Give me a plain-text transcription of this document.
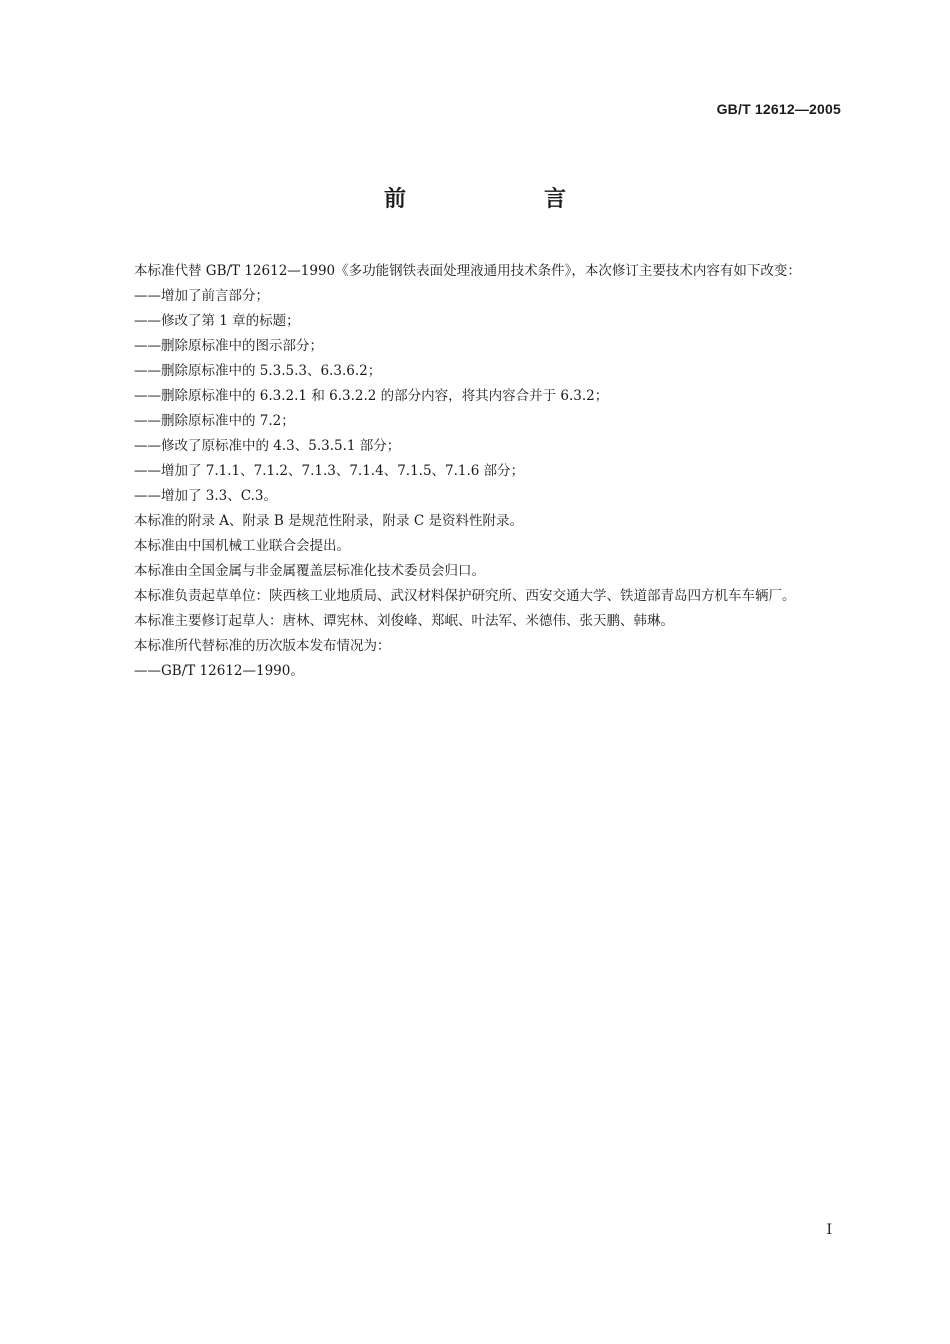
GB/T 12612—2005
前　言

本标准代替 GB/T 12612—1990《多功能钢铁表面处理液通用技术条件》，本次修订主要技术内容有如下改变：

——增加了前言部分；

——修改了第 1 章的标题；

——删除原标准中的图示部分；

——删除原标准中的 5.3.5.3、6.3.6.2；

——删除原标准中的 6.3.2.1 和 6.3.2.2 的部分内容，将其内容合并于 6.3.2；

——删除原标准中的 7.2；

——修改了原标准中的 4.3、5.3.5.1 部分；

——增加了 7.1.1、7.1.2、7.1.3、7.1.4、7.1.5、7.1.6 部分；

——增加了 3.3、C.3。

本标准的附录 A、附录 B 是规范性附录，附录 C 是资料性附录。

本标准由中国机械工业联合会提出。

本标准由全国金属与非金属覆盖层标准化技术委员会归口。

本标准负责起草单位：陕西核工业地质局、武汉材料保护研究所、西安交通大学、铁道部青岛四方机车车辆厂。

本标准主要修订起草人：唐林、谭宪林、刘俊峰、郑岷、叶法军、米德伟、张天鹏、韩琳。

本标准所代替标准的历次版本发布情况为：

——GB/T 12612—1990。

I
